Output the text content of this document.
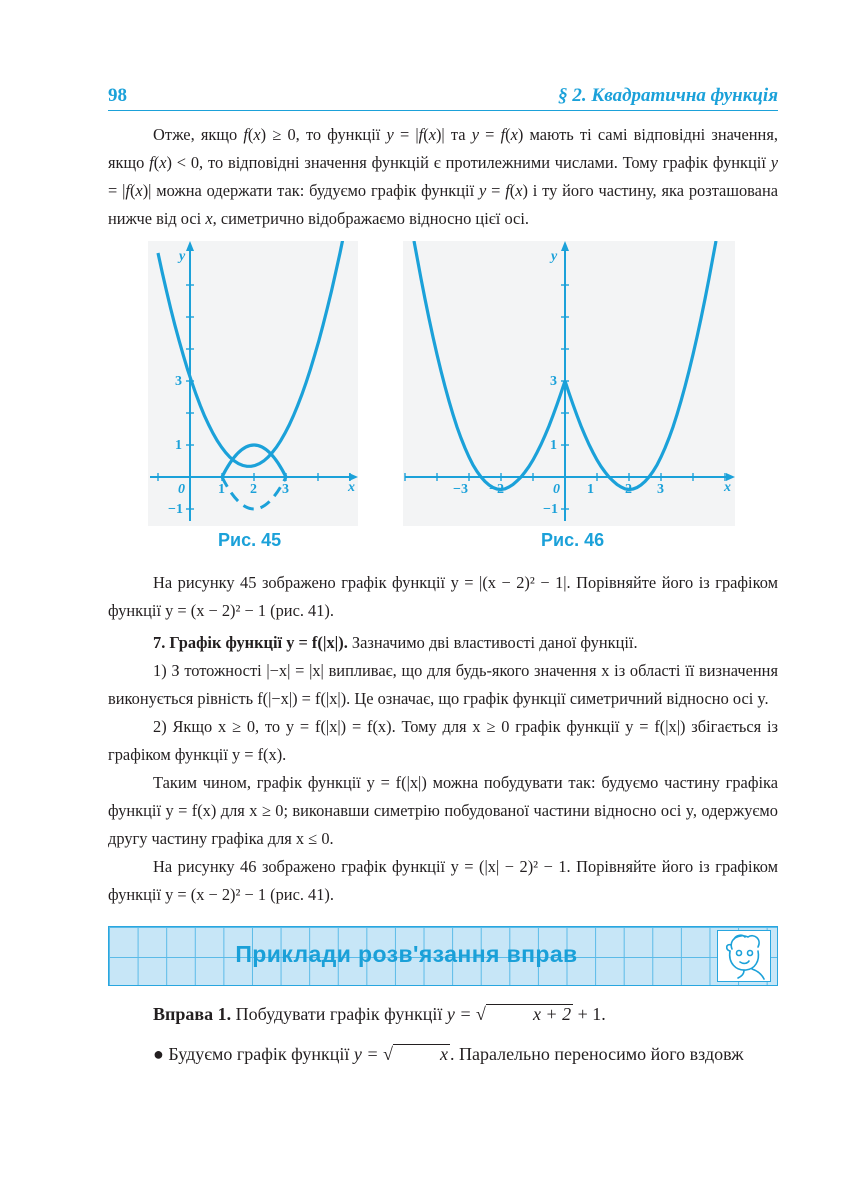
98	§ 2. Квадратична функція

Отже, якщо f(x) ≥ 0, то функції y = |f(x)| та y = f(x) мають ті самі відповідні значення, якщо f(x) < 0, то відповідні значення функцій є протилежними числами. Тому графік функції y = |f(x)| можна одержати так: будуємо графік функції y = f(x) і ту його частину, яка розташована нижче від осі x, симетрично відображаємо відносно цієї осі.

y
x
0 1 2 3
3
1
−1
y
x
0
−3 −2	1 2 3
3
1
−1
Рис. 45	Рис. 46

На рисунку 45 зображено графік функції y = |(x − 2)² − 1|. Порівняйте його із графіком функції y = (x − 2)² − 1 (рис. 41).

7. Графік функції y = f(|x|). Зазначимо дві властивості даної функції.

1) З тотожності |−x| = |x| випливає, що для будь-якого значення x із області її визначення виконується рівність f(|−x|) = f(|x|). Це означає, що графік функції симетричний відносно осі y.

2) Якщо x ≥ 0, то y = f(|x|) = f(x). Тому для x ≥ 0 графік функції y = f(|x|) збігається із графіком функції y = f(x).

Таким чином, графік функції y = f(|x|) можна побудувати так: будуємо частину графіка функції y = f(x) для x ≥ 0; виконавши симетрію побудованої частини відносно осі y, одержуємо другу частину графіка для x ≤ 0.

На рисунку 46 зображено графік функції y = (|x| − 2)² − 1. Порівняйте його із графіком функції y = (x − 2)² − 1 (рис. 41).

Приклади розв'язання вправ

Вправа 1. Побудувати графік функції y = √	x + 2 + 1.

● Будуємо графік функції y = √	x . Паралельно переносимо його вздовж
